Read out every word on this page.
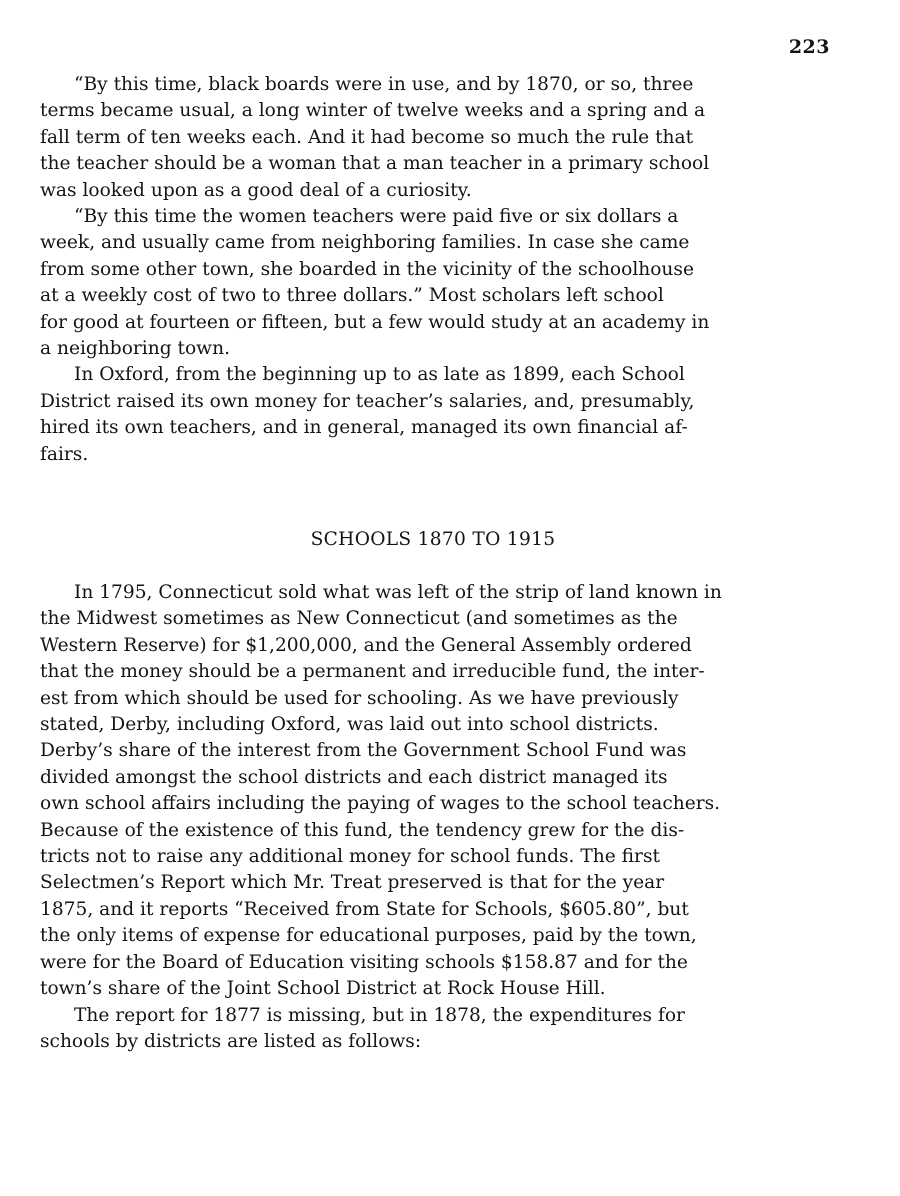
223

“By this time, black boards were in use, and by 1870, or so, three
terms became usual, a long winter of twelve weeks and a spring and a
fall term of ten weeks each. And it had become so much the rule that
the teacher should be a woman that a man teacher in a primary school
was looked upon as a good deal of a curiosity.

“By this time the women teachers were paid five or six dollars a
week, and usually came from neighboring families. In case she came
from some other town, she boarded in the vicinity of the schoolhouse
at a weekly cost of two to three dollars.” Most scholars left school
for good at fourteen or fifteen, but a few would study at an academy in
a neighboring town.

In Oxford, from the beginning up to as late as 1899, each School
District raised its own money for teacher’s salaries, and, presumably,
hired its own teachers, and in general, managed its own financial af-
fairs.

SCHOOLS 1870 TO 1915

In 1795, Connecticut sold what was left of the strip of land known in
the Midwest sometimes as New Connecticut (and sometimes as the
Western Reserve) for $1,200,000, and the General Assembly ordered
that the money should be a permanent and irreducible fund, the inter-
est from which should be used for schooling. As we have previously
stated, Derby, including Oxford, was laid out into school districts.
Derby’s share of the interest from the Government School Fund was
divided amongst the school districts and each district managed its
own school affairs including the paying of wages to the school teachers.
Because of the existence of this fund, the tendency grew for the dis-
tricts not to raise any additional money for school funds. The first
Selectmen’s Report which Mr. Treat preserved is that for the year
1875, and it reports “Received from State for Schools, $605.80”, but
the only items of expense for educational purposes, paid by the town,
were for the Board of Education visiting schools $158.87 and for the
town’s share of the Joint School District at Rock House Hill.

The report for 1877 is missing, but in 1878, the expenditures for
schools by districts are listed as follows:
